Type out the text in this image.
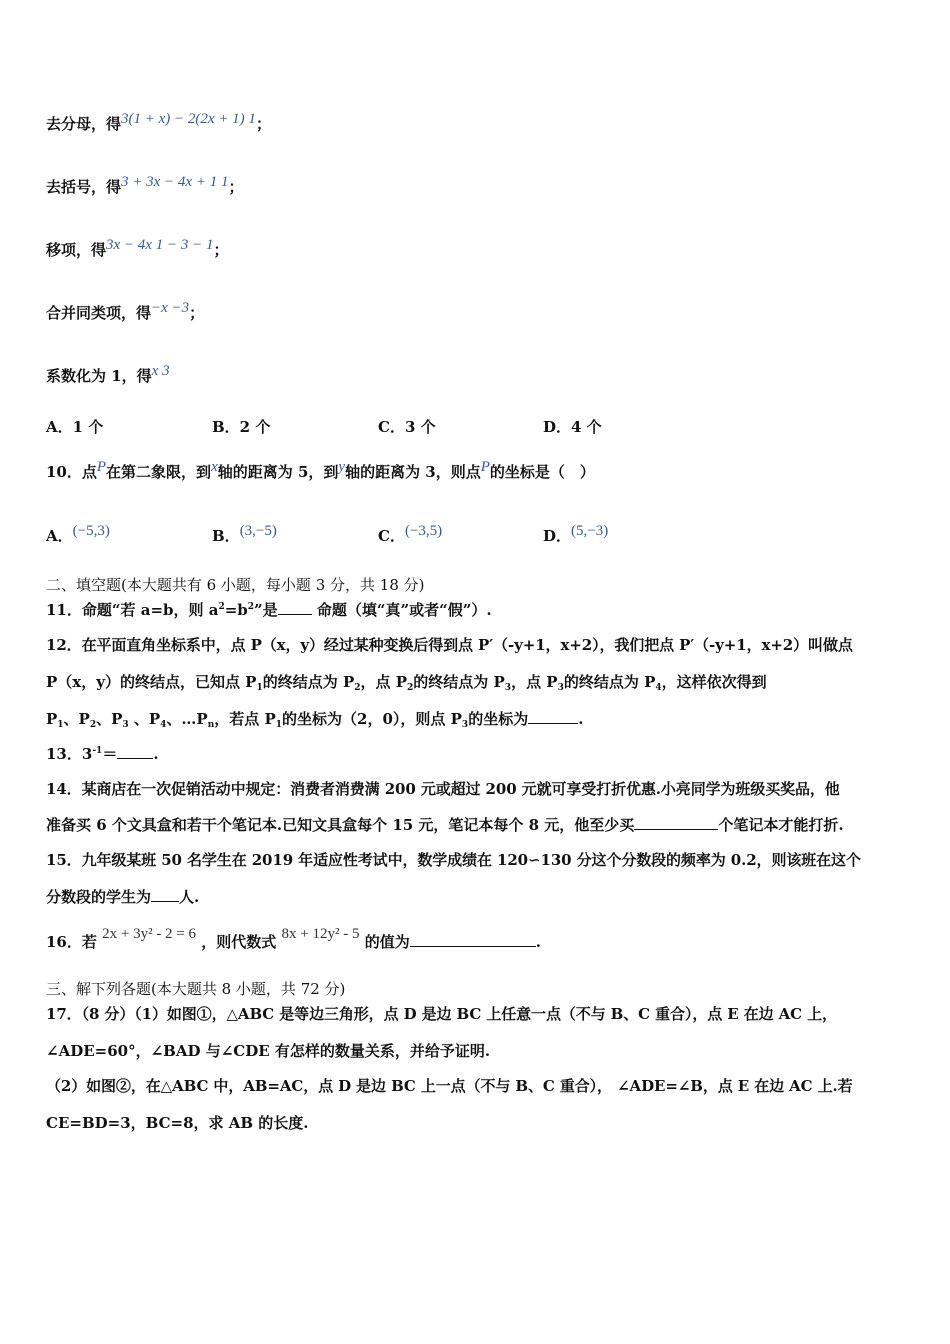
去分母，得3(1 + x) − 2(2x + 1) 1；
去括号，得3 + 3x − 4x + 1 1；
移项，得3x − 4x 1 − 3 − 1；
合并同类项，得−x −3；
系数化为 1，得x 3
A．1 个	B．2 个	C．3 个	D．4 个
10．点P在第二象限，到x轴的距离为 5，到y轴的距离为 3，则点P的坐标是（　）
A．(−5,3)	B．(3,−5)	C．(−3,5)	D．(5,−3)
二、填空题(本大题共有 6 小题，每小题 3 分，共 18 分)
11．命题“若 a=b，则 $a^2=b^2$”是	命题（填“真”或者“假”）.
12．在平面直角坐标系中，点 P（x，y）经过某种变换后得到点 P′（-y+1，x+2），我们把点 P′（-y+1，x+2）叫做点
P（x，y）的终结点，已知点 $P_1$的终结点为 $P_2$，点 $P_2$的终结点为 $P_3$，点 $P_3$的终结点为 $P_4$，这样依次得到
$P_1$、$P_2$、$P_3$ 、$P_4$、$\dots P_n$，若点 $P_1$的坐标为（2，0），则点 $P_3$的坐标为	.
13．$3^{-1}=$ .
14．某商店在一次促销活动中规定：消费者消费满 200 元或超过 200 元就可享受打折优惠.小亮同学为班级买奖品，他
准备买 6 个文具盒和若干个笔记本.已知文具盒每个 15 元，笔记本每个 8 元，他至少买	个笔记本才能打折.
15．九年级某班 50 名学生在 2019 年适应性考试中，数学成绩在 120∽130 分这个分数段的频率为 0.2，则该班在这个
分数段的学生为 人.
16．若 2x + 3y² - 2 = 6 ，则代数式 8x + 12y² - 5 的值为	.
三、解下列各题(本大题共 8 小题，共 72 分)
17．（8 分）（1）如图①，△ABC 是等边三角形，点 D 是边 BC 上任意一点（不与 B、C 重合），点 E 在边 AC 上，
∠ADE=60°，∠BAD 与∠CDE 有怎样的数量关系，并给予证明.
（2）如图②，在△ABC 中，AB=AC，点 D 是边 BC 上一点（不与 B、C 重合）， ∠ADE=∠B，点 E 在边 AC 上.若
CE=BD=3，BC=8，求 AB 的长度.
